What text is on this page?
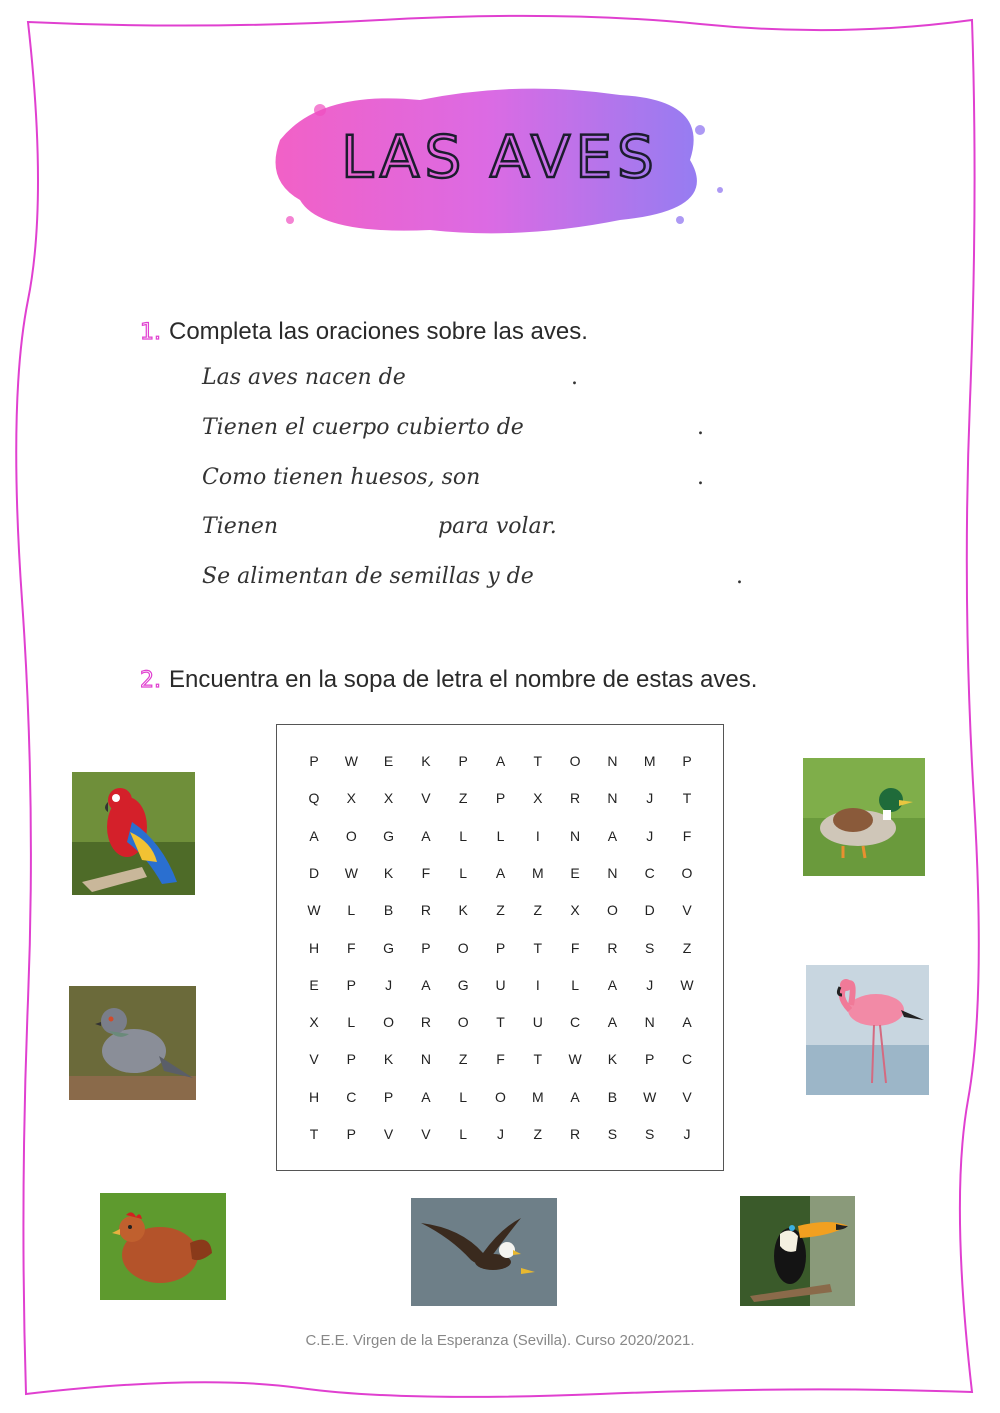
LAS AVES
1. Completa las oraciones sobre las aves.
Las aves nacen de	.
Tienen el cuerpo cubierto de	.
Como tienen huesos, son	.
Tienen	para volar.
Se alimentan de semillas y de	.
2. Encuentra en la sopa de letra el nombre de estas aves.
P	W	E	K	P	A	T	O	N	M	P
Q	X	X	V	Z	P	X	R	N	J	T
A	O	G	A	L	L	I	N	A	J	F
D	W	K	F	L	A	M	E	N	C	O
W	L	B	R	K	Z	Z	X	O	D	V
H	F	G	P	O	P	T	F	R	S	Z
E	P	J	A	G	U	I	L	A	J	W
X	L	O	R	O	T	U	C	A	N	A
V	P	K	N	Z	F	T	W	K	P	C
H	C	P	A	L	O	M	A	B	W	V
T	P	V	V	L	J	Z	R	S	S	J
C.E.E. Virgen de la Esperanza (Sevilla). Curso 2020/2021.
